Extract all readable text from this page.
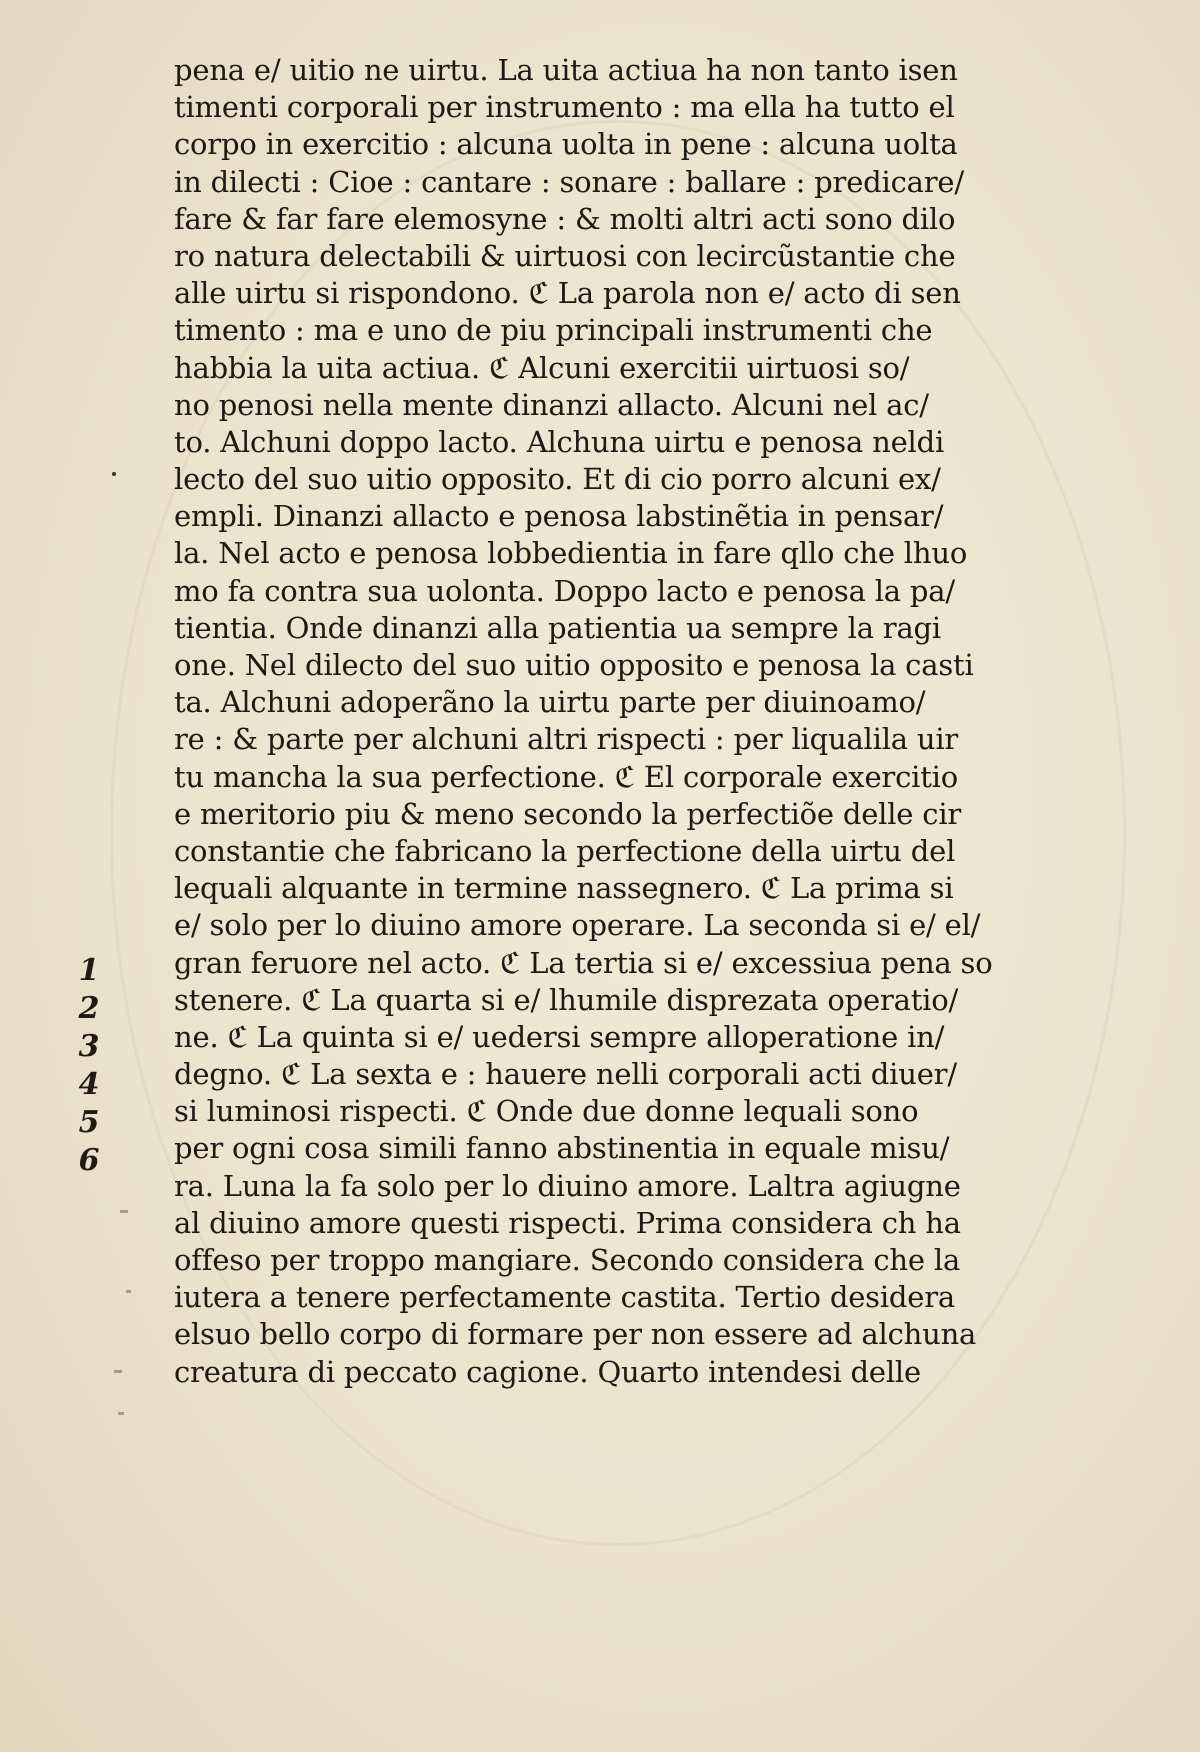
pena e/ uitio ne uirtu. La uita actiua ha non tanto isen
timenti corporali per instrumento : ma ella ha tutto el
corpo in exercitio : alcuna uolta in pene : alcuna uolta
in dilecti : Cioe : cantare : sonare : ballare : predicare/
fare & far fare elemosyne : & molti altri acti sono dilo
ro natura delectabili & uirtuosi con lecircũstantie che
alle uirtu si rispondono. ℭ La parola non e/ acto di sen
timento : ma e uno de piu principali instrumenti che
habbia la uita actiua. ℭ Alcuni exercitii uirtuosi so/
no penosi nella mente dinanzi allacto. Alcuni nel ac/
to. Alchuni doppo lacto. Alchuna uirtu e penosa neldi
lecto del suo uitio opposito. Et di cio porro alcuni ex/
empli. Dinanzi allacto e penosa labstinẽtia in pensar/
la. Nel acto e penosa lobbedientia in fare qllo che lhuo
mo fa contra sua uolonta. Doppo lacto e penosa la pa/
tientia. Onde dinanzi alla patientia ua sempre la ragi
one. Nel dilecto del suo uitio opposito e penosa la casti
ta. Alchuni adoperãno la uirtu parte per diuinoamo/
re : & parte per alchuni altri rispecti : per liqualila uir
tu mancha la sua perfectione. ℭ El corporale exercitio
e meritorio piu & meno secondo la perfectiõe delle cir
constantie che fabricano la perfectione della uirtu del
lequali alquante in termine nassegnero. ℭ La prima si
e/ solo per lo diuino amore operare. La seconda si e/ el/
gran feruore nel acto. ℭ La tertia si e/ excessiua pena so
stenere. ℭ La quarta si e/ lhumile disprezata operatio/
ne. ℭ La quinta si e/ uedersi sempre alloperatione in/
degno. ℭ La sexta e : hauere nelli corporali acti diuer/
si luminosi rispecti. ℭ Onde due donne lequali sono
per ogni cosa simili fanno abstinentia in equale misu/
ra. Luna la fa solo per lo diuino amore. Laltra agiugne
al diuino amore questi rispecti. Prima considera ch ha
offeso per troppo mangiare. Secondo considera che la
iutera a tenere perfectamente castita. Tertio desidera
elsuo bello corpo di formare per non essere ad alchuna
creatura di peccato cagione. Quarto intendesi delle
1
2
3
4
5
6
